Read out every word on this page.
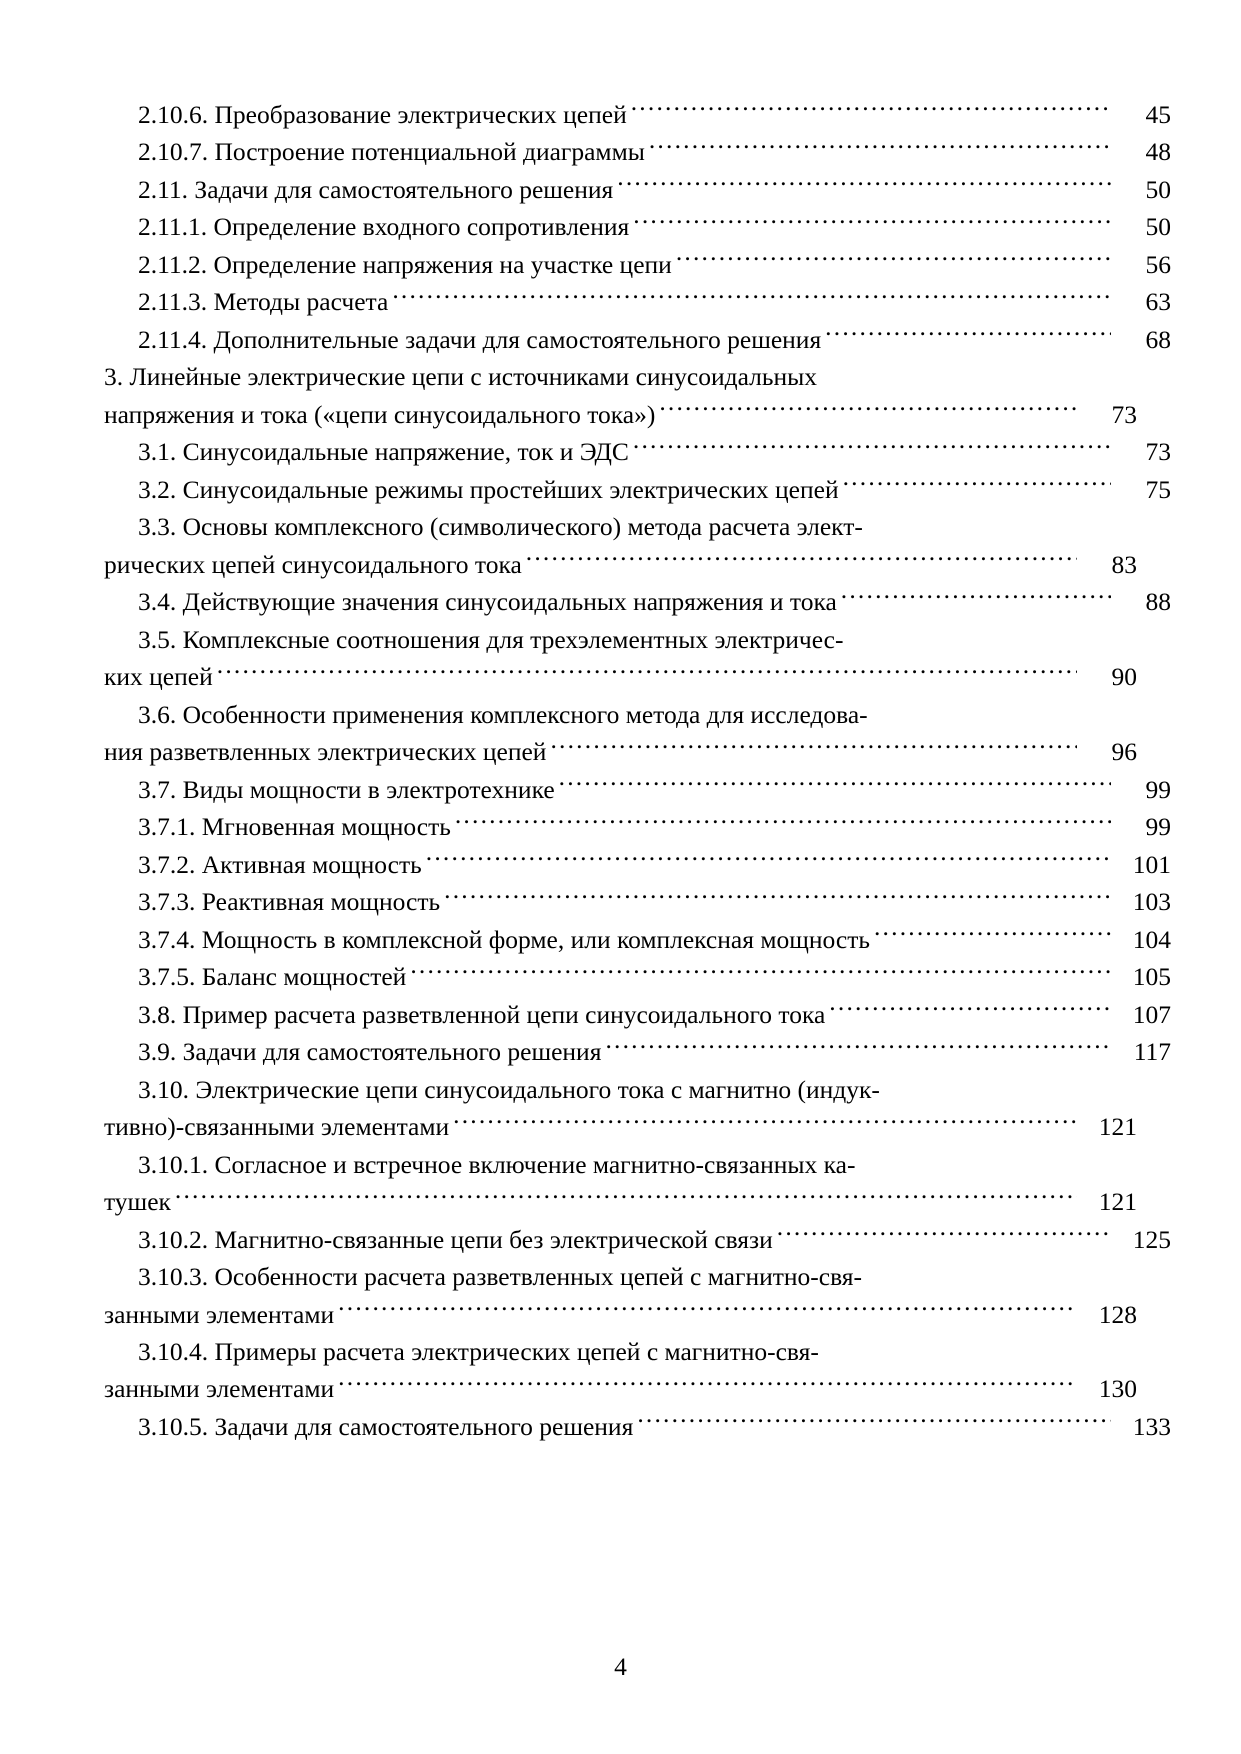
2.10.6. Преобразование электрических цепей .....	45
2.10.7. Построение потенциальной диаграммы .....	48
2.11. Задачи для самостоятельного решения .....	50
2.11.1. Определение входного сопротивления .....	50
2.11.2. Определение напряжения на участке цепи .....	56
2.11.3. Методы расчета .....	63
2.11.4. Дополнительные задачи для самостоятельного решения .....	68
3. Линейные электрические цепи с источниками синусоидальных
напряжения и тока («цепи синусоидального тока») .....	73
3.1. Синусоидальные напряжение, ток и ЭДС .....	73
3.2. Синусоидальные режимы простейших электрических цепей .....	75
3.3. Основы комплексного (символического) метода расчета элект-
рических цепей синусоидального тока .....	83
3.4. Действующие значения синусоидальных напряжения и тока .....	88
3.5. Комплексные соотношения для трехэлементных электричес-
ких цепей .....	90
3.6. Особенности применения комплексного метода для исследова-
ния разветвленных электрических цепей .....	96
3.7. Виды мощности в электротехнике .....	99
3.7.1. Мгновенная мощность .....	99
3.7.2. Активная мощность .....	101
3.7.3. Реактивная мощность .....	103
3.7.4. Мощность в комплексной форме, или комплексная мощность .....	104
3.7.5. Баланс мощностей .....	105
3.8. Пример расчета разветвленной цепи синусоидального тока .....	107
3.9. Задачи для самостоятельного решения .....	117
3.10. Электрические цепи синусоидального тока с магнитно (индук-
тивно)-связанными элементами .....	121
3.10.1. Согласное и встречное включение магнитно-связанных ка-
тушек .....	121
3.10.2. Магнитно-связанные цепи без электрической связи .....	125
3.10.3. Особенности расчета разветвленных цепей с магнитно-свя-
занными элементами .....	128
3.10.4. Примеры расчета электрических цепей с магнитно-свя-
занными элементами .....	130
3.10.5. Задачи для самостоятельного решения .....	133
4
